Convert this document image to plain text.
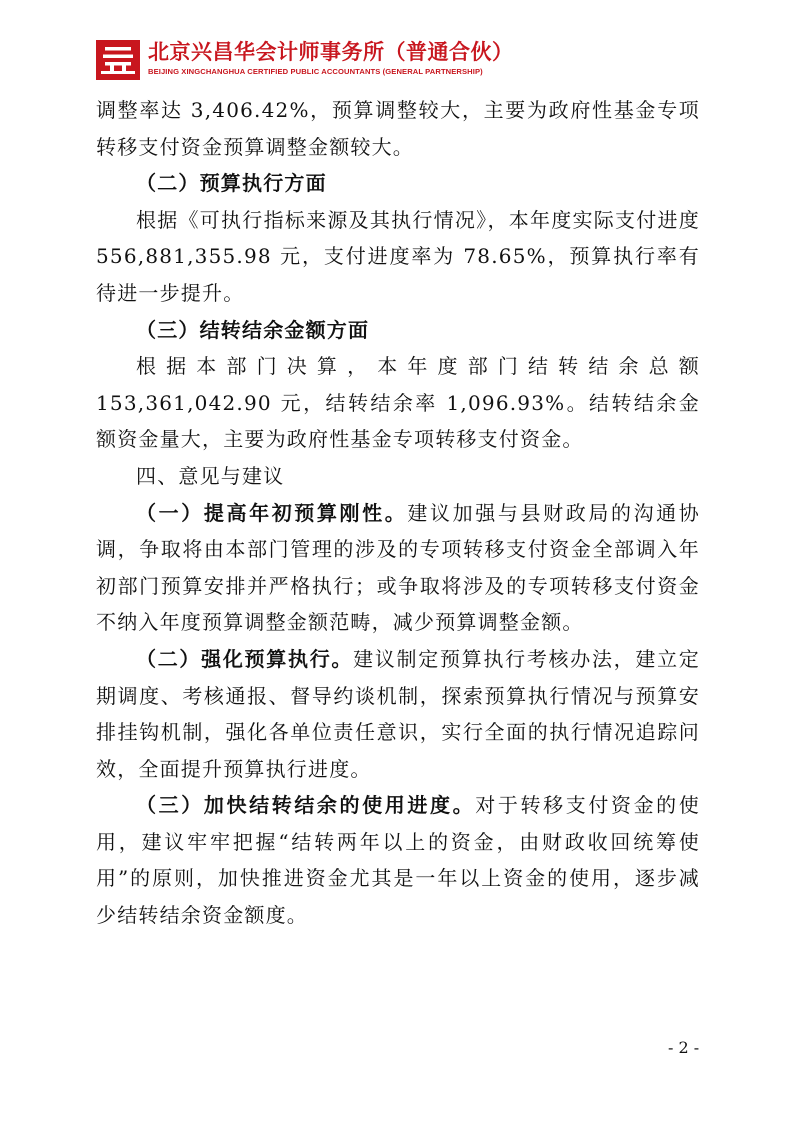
北京兴昌华会计师事务所（普通合伙）
BEIJING XINGCHANGHUA CERTIFIED PUBLIC ACCOUNTANTS (GENERAL PARTNERSHIP)

调整率达 3,406.42%，预算调整较大，主要为政府性基金专项转移支付资金预算调整金额较大。

（二）预算执行方面

根据《可执行指标来源及其执行情况》，本年度实际支付进度 556,881,355.98 元，支付进度率为 78.65%，预算执行率有待进一步提升。

（三）结转结余金额方面

根据本部门决算，本年度部门结转结余总额 153,361,042.90 元，结转结余率 1,096.93%。结转结余金额资金量大，主要为政府性基金专项转移支付资金。

四、意见与建议

（一）提高年初预算刚性。建议加强与县财政局的沟通协调，争取将由本部门管理的涉及的专项转移支付资金全部调入年初部门预算安排并严格执行；或争取将涉及的专项转移支付资金不纳入年度预算调整金额范畴，减少预算调整金额。

（二）强化预算执行。建议制定预算执行考核办法，建立定期调度、考核通报、督导约谈机制，探索预算执行情况与预算安排挂钩机制，强化各单位责任意识，实行全面的执行情况追踪问效，全面提升预算执行进度。

（三）加快结转结余的使用进度。对于转移支付资金的使用，建议牢牢把握“结转两年以上的资金，由财政收回统筹使用”的原则，加快推进资金尤其是一年以上资金的使用，逐步减少结转结余资金额度。

- 2 -
